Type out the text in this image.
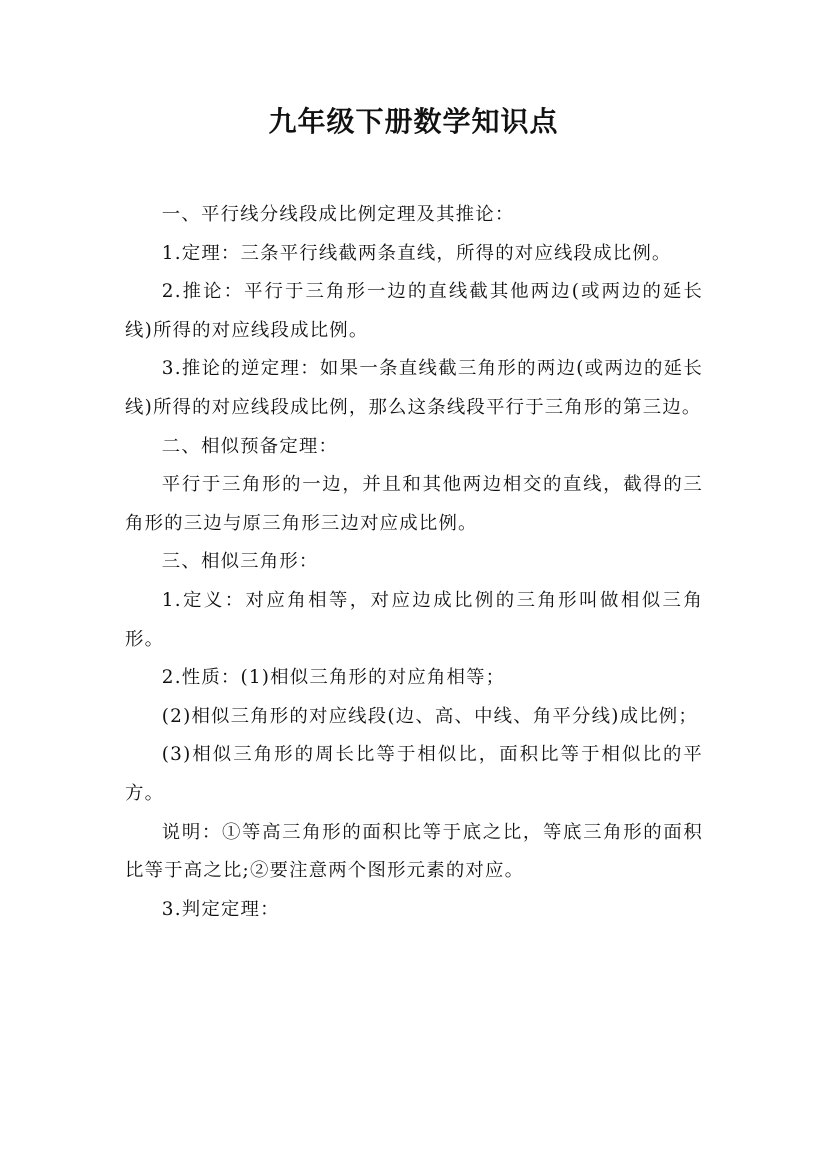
九年级下册数学知识点

一、平行线分线段成比例定理及其推论：

1.定理：三条平行线截两条直线，所得的对应线段成比例。

2.推论：平行于三角形一边的直线截其他两边(或两边的延长线)所得的对应线段成比例。

3.推论的逆定理：如果一条直线截三角形的两边(或两边的延长线)所得的对应线段成比例，那么这条线段平行于三角形的第三边。

二、相似预备定理：

平行于三角形的一边，并且和其他两边相交的直线，截得的三角形的三边与原三角形三边对应成比例。

三、相似三角形：

1.定义：对应角相等，对应边成比例的三角形叫做相似三角形。

2.性质：(1)相似三角形的对应角相等；

(2)相似三角形的对应线段(边、高、中线、角平分线)成比例；

(3)相似三角形的周长比等于相似比，面积比等于相似比的平方。

说明：①等高三角形的面积比等于底之比，等底三角形的面积比等于高之比;②要注意两个图形元素的对应。

3.判定定理：
